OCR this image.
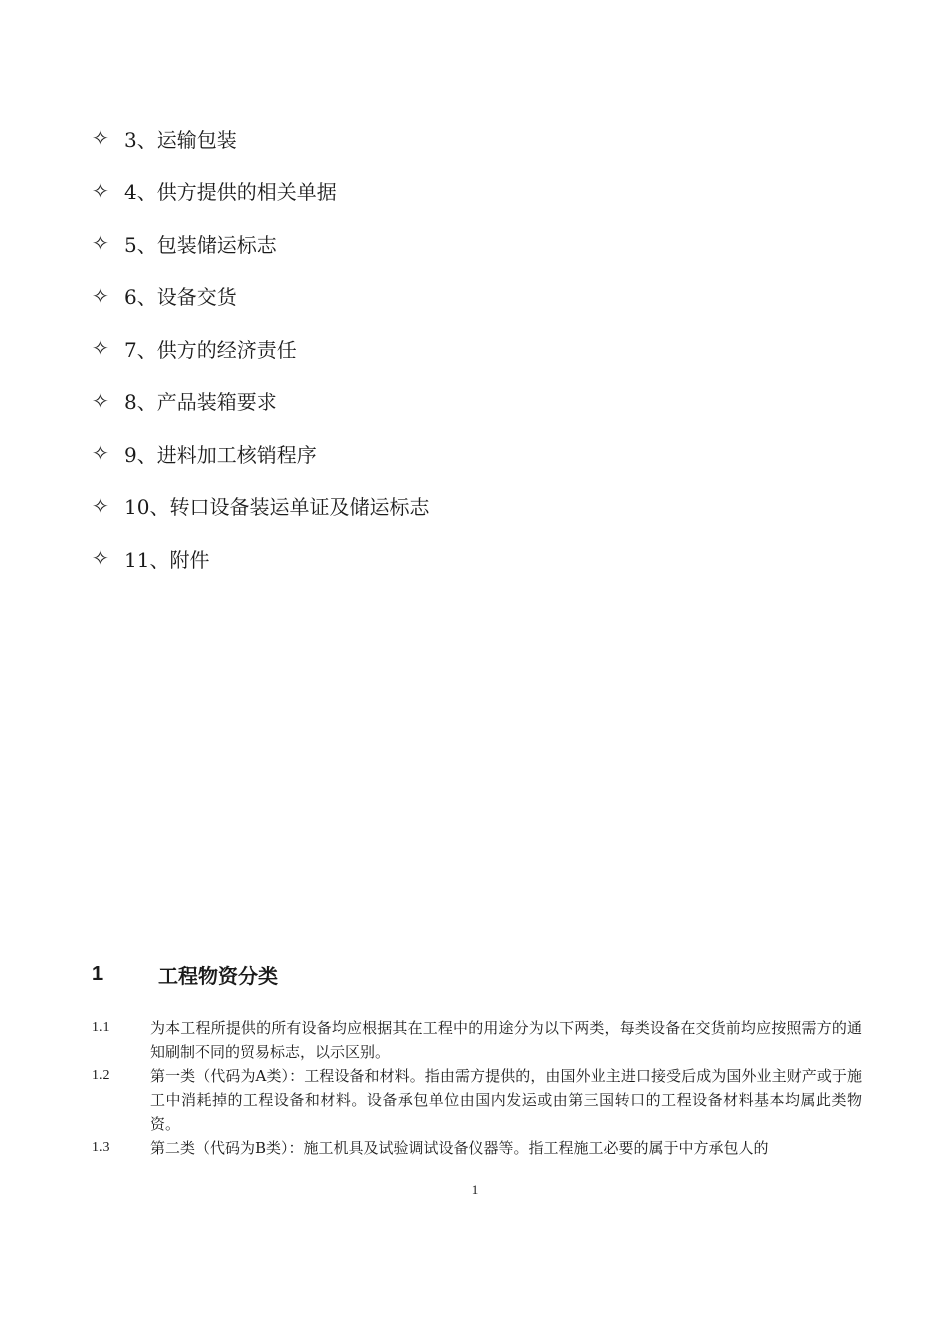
✧ 3、运输包装
✧ 4、供方提供的相关单据
✧ 5、包装储运标志
✧ 6、设备交货
✧ 7、供方的经济责任
✧ 8、产品装箱要求
✧ 9、进料加工核销程序
✧ 10、转口设备装运单证及储运标志
✧ 11、附件
1	工程物资分类
1.1	为本工程所提供的所有设备均应根据其在工程中的用途分为以下两类，每类设备在交货前均应按照需方的通知刷制不同的贸易标志，以示区别。
1.2	第一类（代码为A类）：工程设备和材料。指由需方提供的，由国外业主进口接受后成为国外业主财产或于施工中消耗掉的工程设备和材料。设备承包单位由国内发运或由第三国转口的工程设备材料基本均属此类物资。
1.3	第二类（代码为B类）：施工机具及试验调试设备仪器等。指工程施工必要的属于中方承包人的
1
